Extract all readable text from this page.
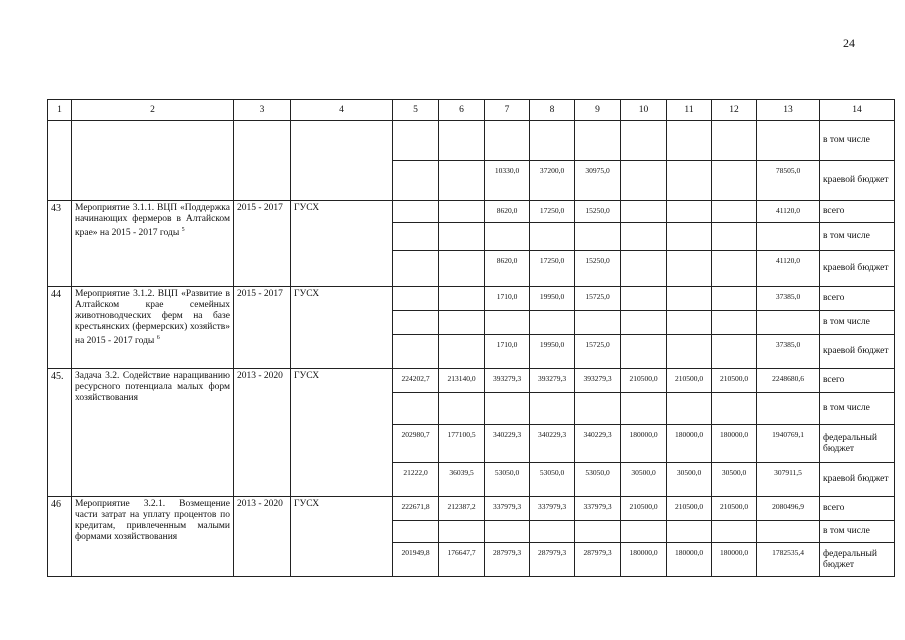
24
1	2	3	4	5	6	7	8	9	10	11	12	13	14
													в том числе
						10330,0	37200,0	30975,0				78505,0	краевой бюджет
43	Мероприятие 3.1.1. ВЦП «Поддержка начинающих фермеров в Алтайском крае» на 2015 - 2017 годы $^5$	2015 - 2017	ГУСХ			8620,0	17250,0	15250,0				41120,0	всего
													в том числе
						8620,0	17250,0	15250,0				41120,0	краевой бюджет
44	Мероприятие 3.1.2. ВЦП «Развитие в Алтайском крае семейных животноводческих ферм на базе крестьянских (фермерских) хозяйств» на 2015 - 2017 годы $^6$	2015 - 2017	ГУСХ			1710,0	19950,0	15725,0				37385,0	всего
													в том числе
						1710,0	19950,0	15725,0				37385,0	краевой бюджет
45.	Задача 3.2. Содействие наращиванию ресурсного потенциала малых форм хозяйствования	2013 - 2020	ГУСХ	224202,7	213140,0	393279,3	393279,3	393279,3	210500,0	210500,0	210500,0	2248680,6	всего
													в том числе
				202980,7	177100,5	340229,3	340229,3	340229,3	180000,0	180000,0	180000,0	1940769,1	федеральный бюджет
				21222,0	36039,5	53050,0	53050,0	53050,0	30500,0	30500,0	30500,0	307911,5	краевой бюджет
46	Мероприятие 3.2.1. Возмещение части затрат на уплату процентов по кредитам, привлеченным малыми формами хозяйствования	2013 - 2020	ГУСХ	222671,8	212387,2	337979,3	337979,3	337979,3	210500,0	210500,0	210500,0	2080496,9	всего
													в том числе
				201949,8	176647,7	287979,3	287979,3	287979,3	180000,0	180000,0	180000,0	1782535,4	федеральный бюджет
